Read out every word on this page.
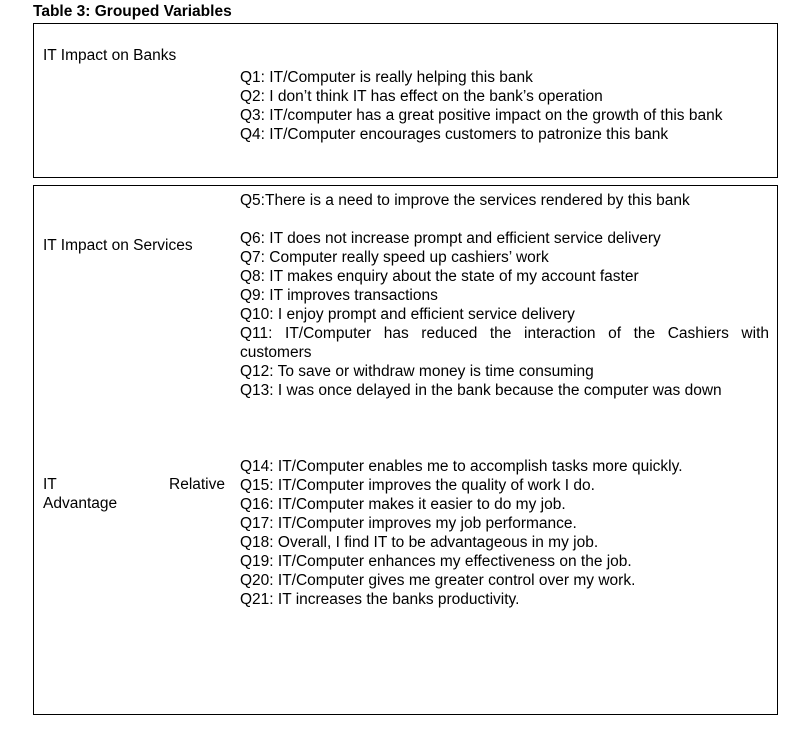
Table 3: Grouped Variables
IT Impact on Banks
Q1: IT/Computer is really helping this bank
Q2: I don’t think IT has effect on the bank’s operation
Q3: IT/computer has a great positive impact on the growth of this bank
Q4: IT/Computer encourages customers to patronize this bank
IT Impact on Services
IT	Relative
Advantage
Q5:There is a need to improve the services rendered by this bank
Q6: IT does not increase prompt and efficient service delivery
Q7: Computer really speed up cashiers’ work
Q8: IT makes enquiry about the state of my account faster
Q9: IT improves transactions
Q10: I enjoy prompt and efficient service delivery
Q11: IT/Computer has reduced the interaction of the Cashiers with customers
Q12: To save or withdraw money is time consuming
Q13: I was once delayed in the bank because the computer was down
Q14: IT/Computer enables me to accomplish tasks more quickly.
Q15: IT/Computer improves the quality of work I do.
Q16: IT/Computer makes it easier to do my job.
Q17: IT/Computer improves my job performance.
Q18: Overall, I find IT to be advantageous in my job.
Q19: IT/Computer enhances my effectiveness on the job.
Q20: IT/Computer gives me greater control over my work.
Q21: IT increases the banks productivity.
